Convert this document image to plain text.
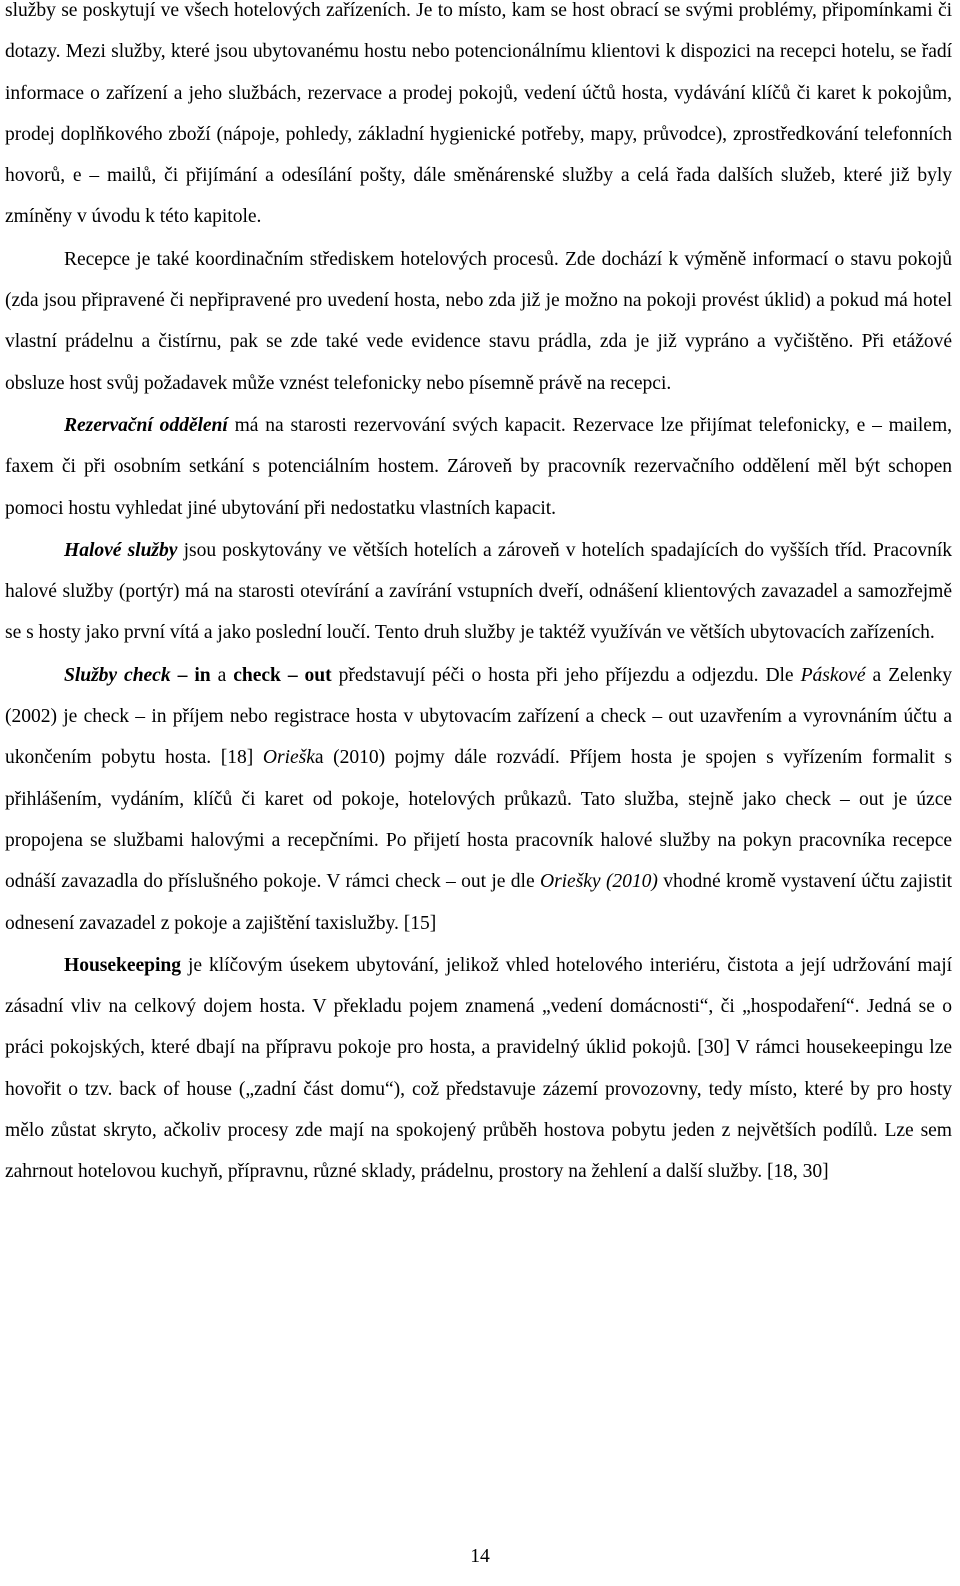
služby se poskytují ve všech hotelových zařízeních. Je to místo, kam se host obrací se svými problémy, připomínkami či dotazy. Mezi služby, které jsou ubytovanému hostu nebo potencionálnímu klientovi k dispozici na recepci hotelu, se řadí informace o zařízení a jeho službách, rezervace a prodej pokojů, vedení účtů hosta, vydávání klíčů či karet k pokojům, prodej doplňkového zboží (nápoje, pohledy, základní hygienické potřeby, mapy, průvodce), zprostředkování telefonních hovorů, e – mailů, či přijímání a odesílání pošty, dále směnárenské služby a celá řada dalších služeb, které již byly zmíněny v úvodu k této kapitole.

Recepce je také koordinačním střediskem hotelových procesů. Zde dochází k výměně informací o stavu pokojů (zda jsou připravené či nepřipravené pro uvedení hosta, nebo zda již je možno na pokoji provést úklid) a pokud má hotel vlastní prádelnu a čistírnu, pak se zde také vede evidence stavu prádla, zda je již vypráno a vyčištěno. Při etážové obsluze host svůj požadavek může vznést telefonicky nebo písemně právě na recepci.

Rezervační oddělení má na starosti rezervování svých kapacit. Rezervace lze přijímat telefonicky, e – mailem, faxem či při osobním setkání s potenciálním hostem. Zároveň by pracovník rezervačního oddělení měl být schopen pomoci hostu vyhledat jiné ubytování při nedostatku vlastních kapacit.

Halové služby jsou poskytovány ve větších hotelích a zároveň v hotelích spadajících do vyšších tříd. Pracovník halové služby (portýr) má na starosti otevírání a zavírání vstupních dveří, odnášení klientových zavazadel a samozřejmě se s hosty jako první vítá a jako poslední loučí. Tento druh služby je taktéž využíván ve větších ubytovacích zařízeních.

Služby check – in a check – out představují péči o hosta při jeho příjezdu a odjezdu. Dle Páskové a Zelenky (2002) je check – in příjem nebo registrace hosta v ubytovacím zařízení a check – out uzavřením a vyrovnáním účtu a ukončením pobytu hosta. [18] Orieška (2010) pojmy dále rozvádí. Příjem hosta je spojen s vyřízením formalit s přihlášením, vydáním, klíčů či karet od pokoje, hotelových průkazů. Tato služba, stejně jako check – out je úzce propojena se službami halovými a recepčními. Po přijetí hosta pracovník halové služby na pokyn pracovníka recepce odnáší zavazadla do příslušného pokoje. V rámci check – out je dle Oriešky (2010) vhodné kromě vystavení účtu zajistit odnesení zavazadel z pokoje a zajištění taxislužby. [15]

Housekeeping je klíčovým úsekem ubytování, jelikož vhled hotelového interiéru, čistota a její udržování mají zásadní vliv na celkový dojem hosta. V překladu pojem znamená „vedení domácnosti“, či „hospodaření“. Jedná se o práci pokojských, které dbají na přípravu pokoje pro hosta, a pravidelný úklid pokojů. [30] V rámci housekeepingu lze hovořit o tzv. back of house („zadní část domu“), což představuje zázemí provozovny, tedy místo, které by pro hosty mělo zůstat skryto, ačkoliv procesy zde mají na spokojený průběh hostova pobytu jeden z největších podílů. Lze sem zahrnout hotelovou kuchyň, přípravnu, různé sklady, prádelnu, prostory na žehlení a další služby. [18, 30]

14
